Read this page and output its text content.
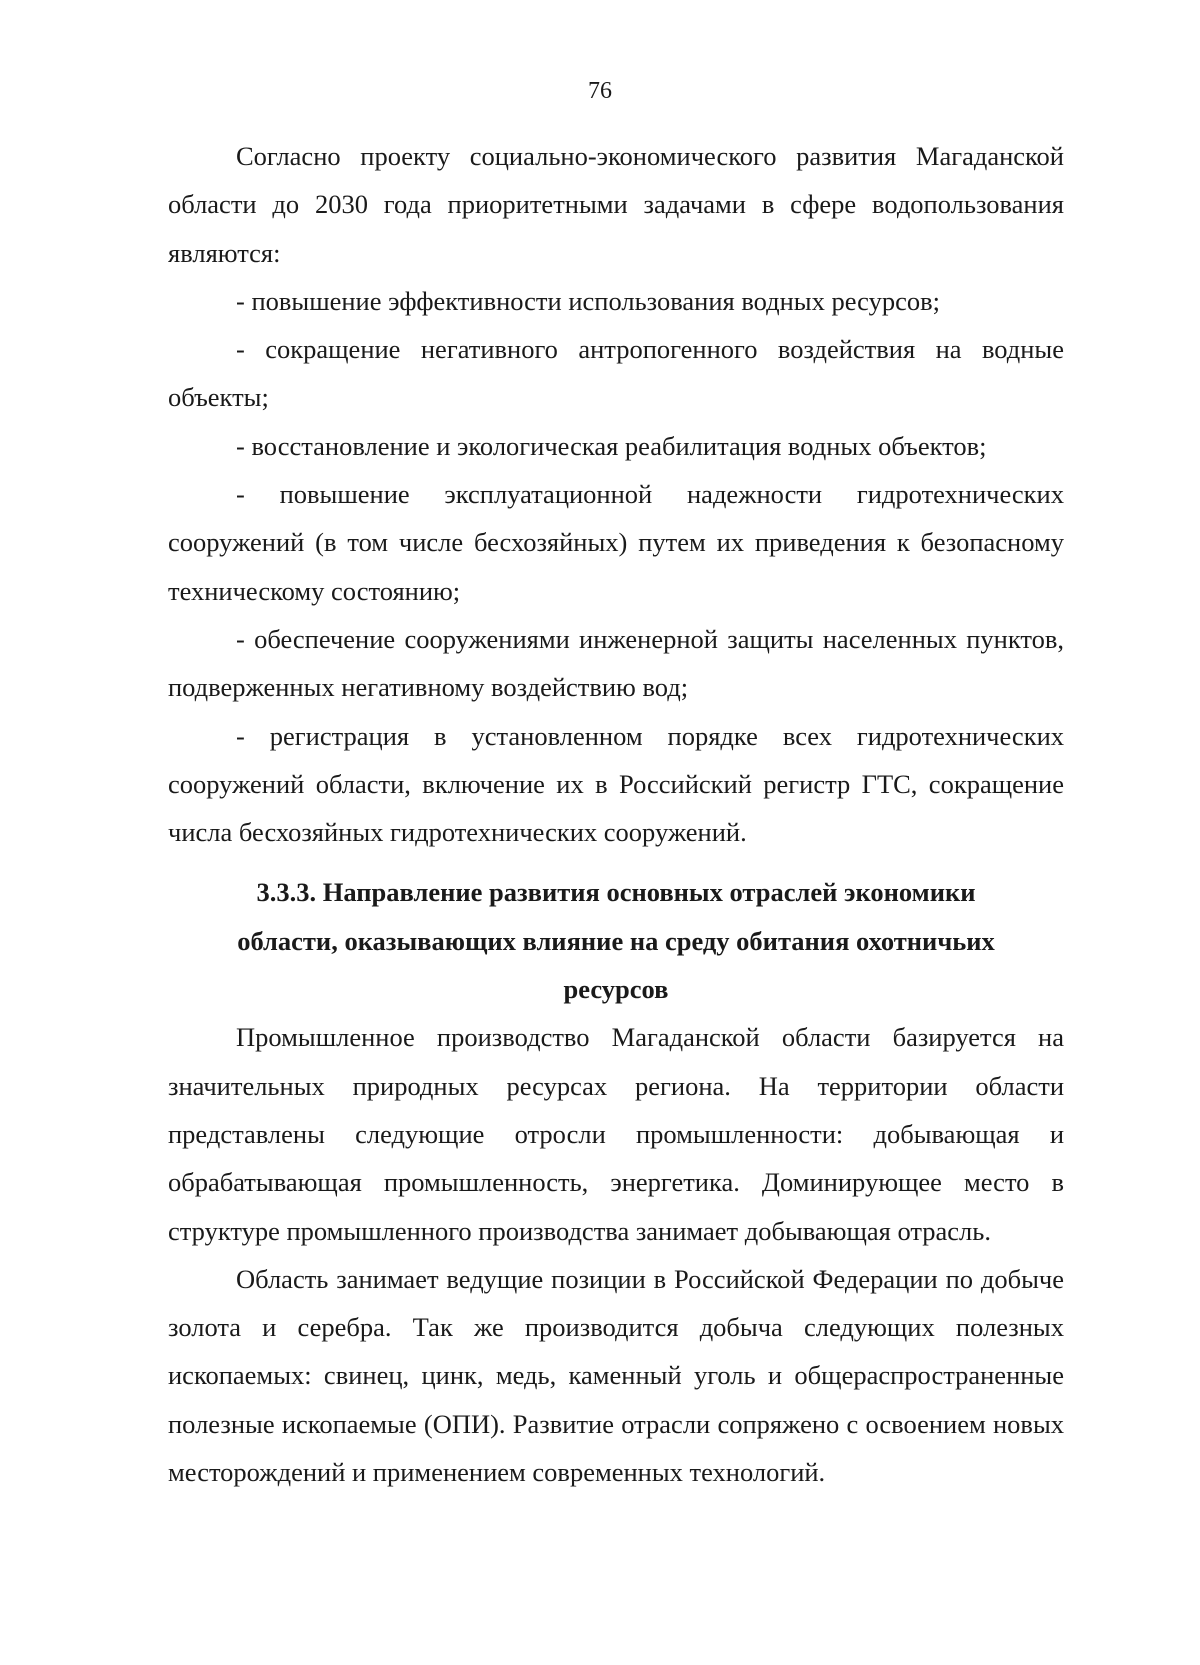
76

Согласно проекту социально-экономического развития Магаданской области до 2030 года приоритетными задачами в сфере водопользования являются:

- повышение эффективности использования водных ресурсов;

- сокращение негативного антропогенного воздействия на водные объекты;

- восстановление и экологическая реабилитация водных объектов;

- повышение эксплуатационной надежности гидротехнических сооружений (в том числе бесхозяйных) путем их приведения к безопасному техническому состоянию;

- обеспечение сооружениями инженерной защиты населенных пунктов, подверженных негативному воздействию вод;

- регистрация в установленном порядке всех гидротехнических сооружений области, включение их в Российский регистр ГТС, сокращение числа бесхозяйных гидротехнических сооружений.

3.3.3. Направление развития основных отраслей экономики
области, оказывающих влияние на среду обитания охотничьих
ресурсов

Промышленное производство Магаданской области базируется на значительных природных ресурсах региона. На территории области представлены следующие отросли промышленности: добывающая и обрабатывающая промышленность, энергетика. Доминирующее место в структуре промышленного производства занимает добывающая отрасль.

Область занимает ведущие позиции в Российской Федерации по добыче золота и серебра. Так же производится добыча следующих полезных ископаемых: свинец, цинк, медь, каменный уголь и общераспространенные полезные ископаемые (ОПИ). Развитие отрасли сопряжено с освоением новых месторождений и применением современных технологий.
